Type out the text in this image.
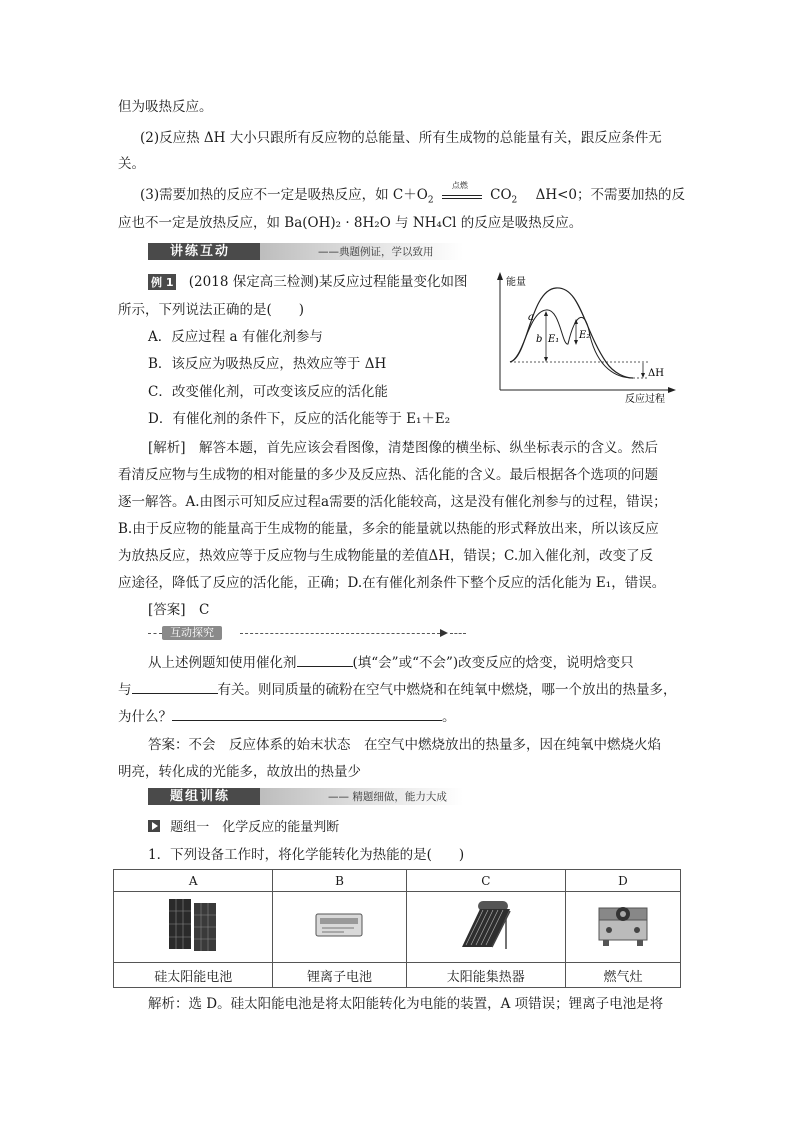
但为吸热反应。
(2)反应热 ΔH 大小只跟所有反应物的总能量、所有生成物的总能量有关，跟反应条件无
关。
(3)需要加热的反应不一定是吸热反应，如 $C+O_2$
点燃
$CO_2$ ΔH<0；不需要加热的反
应也不一定是放热反应，如 Ba(OH)₂ · 8H₂O 与 NH₄Cl 的反应是吸热反应。
讲练互动	——典题例证，学以致用
例 1 (2018 保定高三检测)某反应过程能量变化如图
所示，下列说法正确的是(　　)
A．反应过程 a 有催化剂参与
B．该反应为吸热反应，热效应等于 ΔH
C．改变催化剂，可改变该反应的活化能
D．有催化剂的条件下，反应的活化能等于 E₁＋E₂
能量
反应过程
a
b E₁ E₂
ΔH
[解析]　解答本题，首先应该会看图像，清楚图像的横坐标、纵坐标表示的含义。然后
看清反应物与生成物的相对能量的多少及反应热、活化能的含义。最后根据各个选项的问题
逐一解答。A.由图示可知反应过程a需要的活化能较高，这是没有催化剂参与的过程，错误；
B.由于反应物的能量高于生成物的能量，多余的能量就以热能的形式释放出来，所以该反应
为放热反应，热效应等于反应物与生成物能量的差值ΔH，错误；C.加入催化剂，改变了反
应途径，降低了反应的活化能，正确；D.在有催化剂条件下整个反应的活化能为 E₁，错误。
[答案]　C
互动探究
从上述例题知使用催化剂	(填“会”或“不会”)改变反应的焓变，说明焓变只
与	有关。则同质量的硫粉在空气中燃烧和在纯氧中燃烧，哪一个放出的热量多，
为什么？	。
答案：不会　反应体系的始末状态　在空气中燃烧放出的热量多，因在纯氧中燃烧火焰
明亮，转化成的光能多，故放出的热量少
题组训练	—— 精题细做，能力大成
题组一　化学反应的能量判断
1．下列设备工作时，将化学能转化为热能的是(　　)
A	B	C	D

硅太阳能电池	锂离子电池	太阳能集热器	燃气灶
解析：选 D。硅太阳能电池是将太阳能转化为电能的装置，A 项错误；锂离子电池是将
